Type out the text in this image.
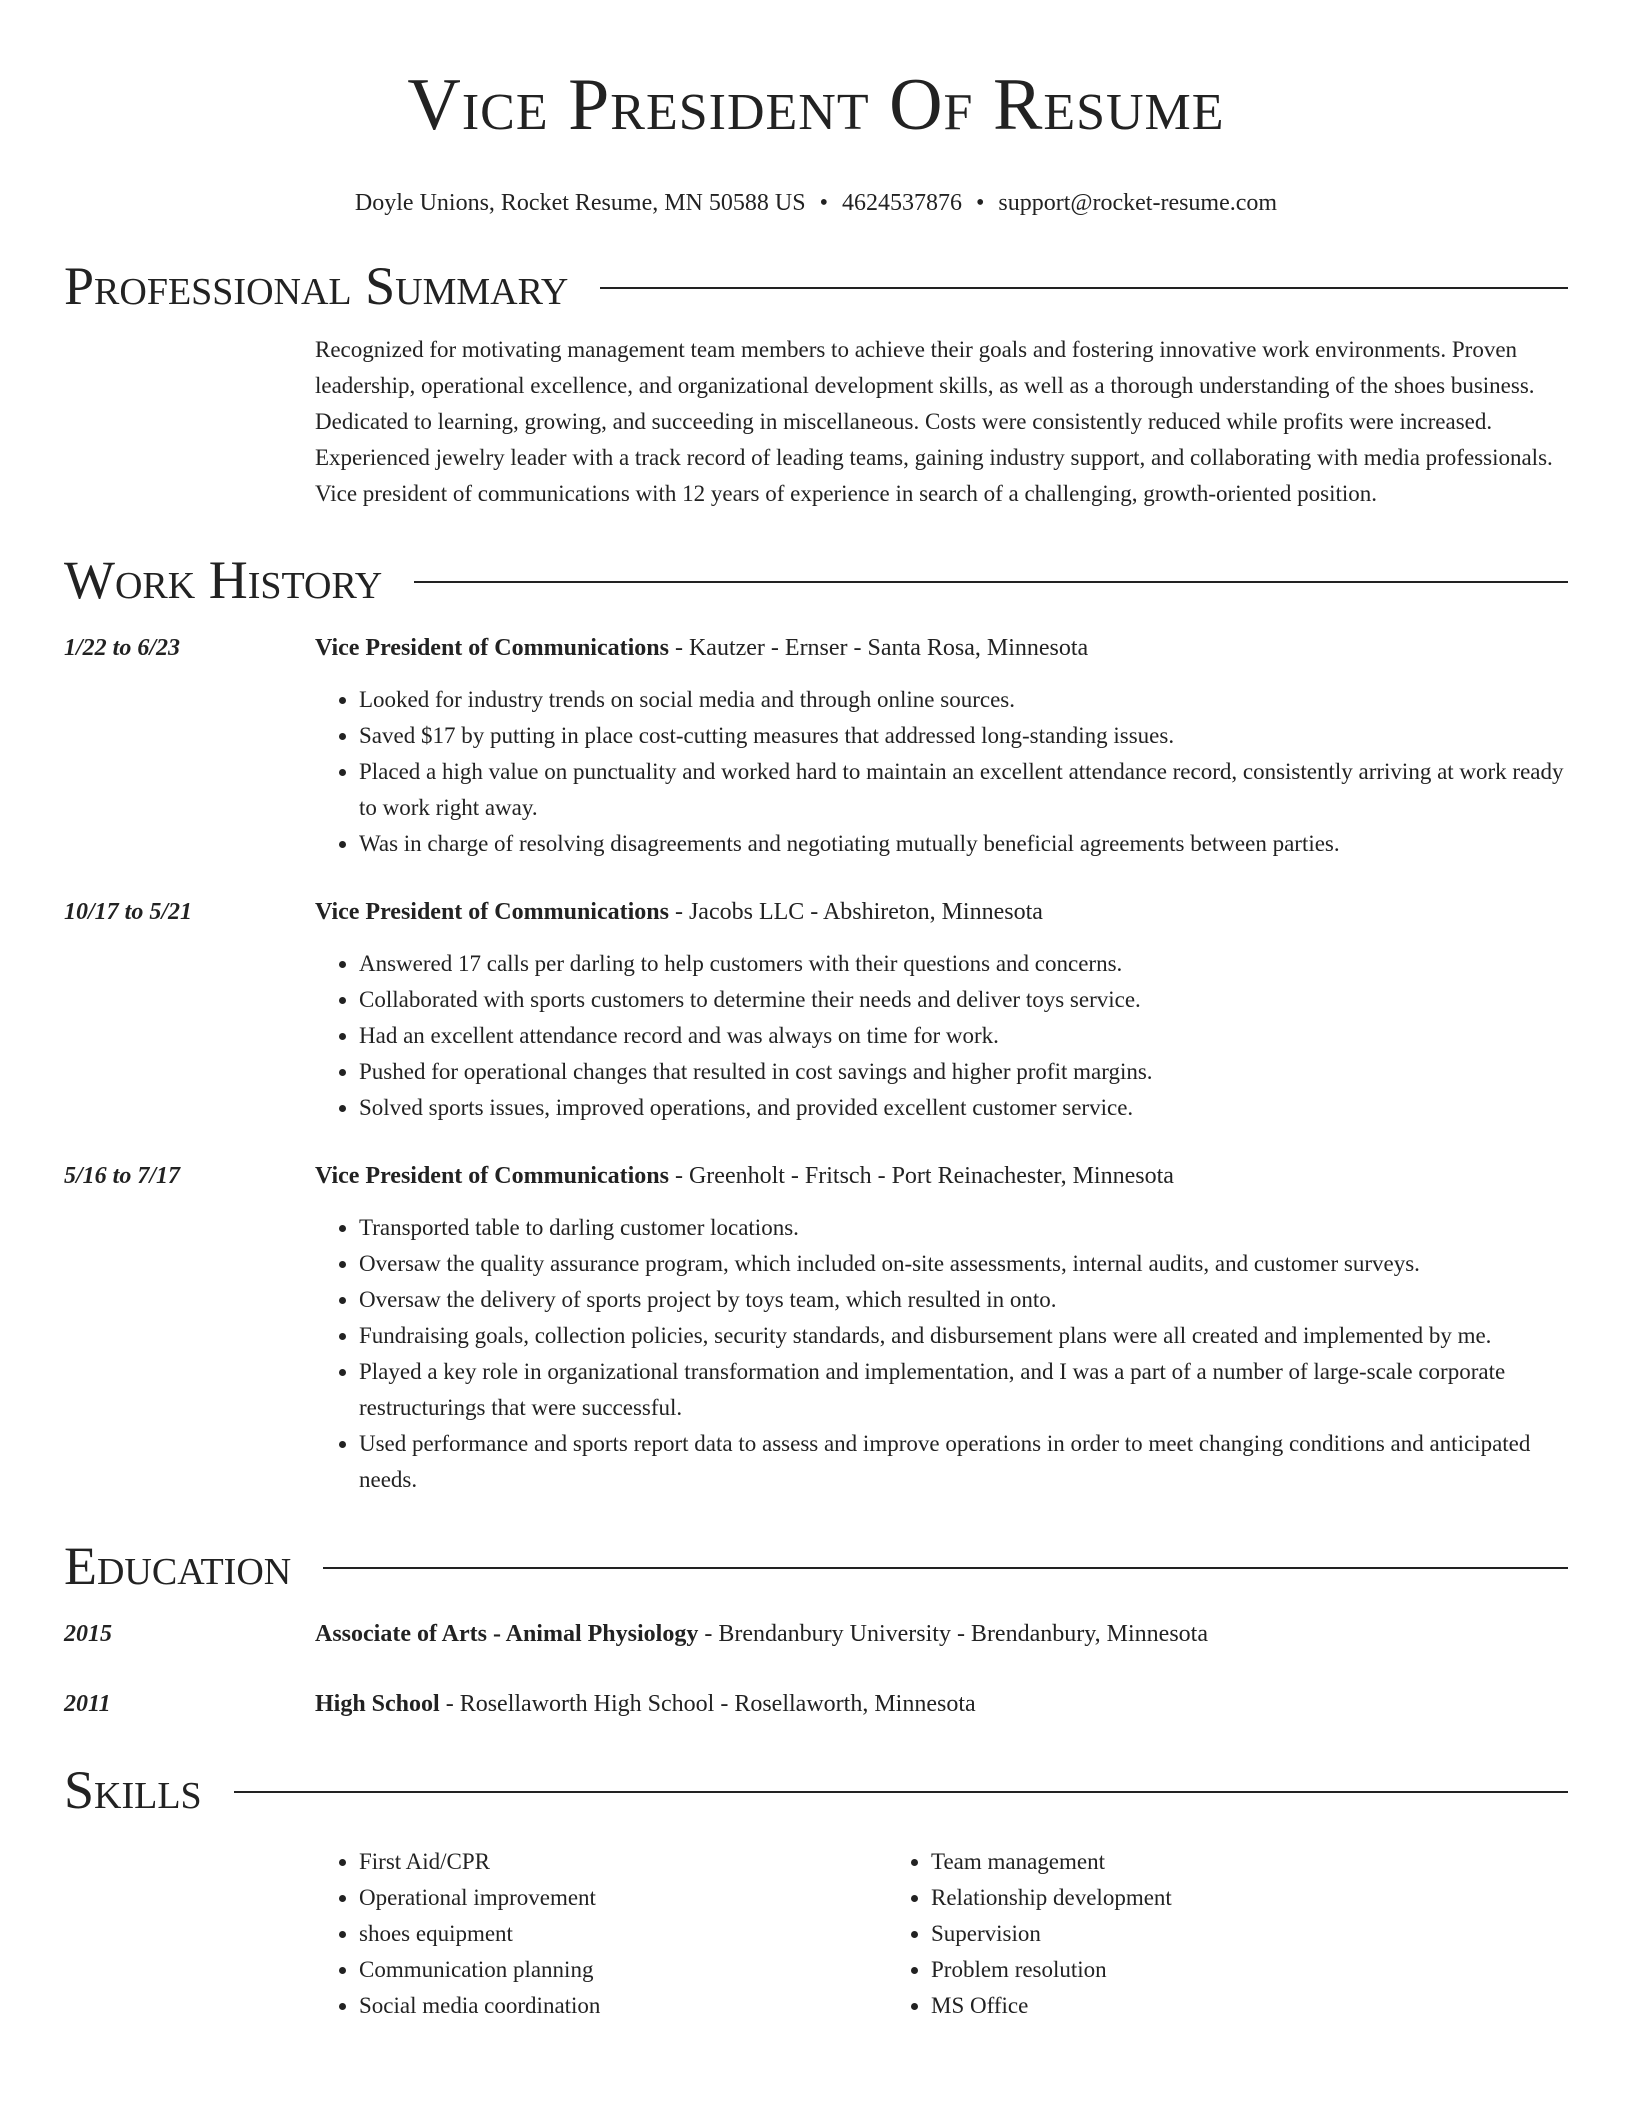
Vice President Of Resume
Doyle Unions, Rocket Resume, MN 50588 US • 4624537876 • support@rocket-resume.com
Professional Summary
Recognized for motivating management team members to achieve their goals and fostering innovative work environments. Proven leadership, operational excellence, and organizational development skills, as well as a thorough understanding of the shoes business. Dedicated to learning, growing, and succeeding in miscellaneous. Costs were consistently reduced while profits were increased. Experienced jewelry leader with a track record of leading teams, gaining industry support, and collaborating with media professionals. Vice president of communications with 12 years of experience in search of a challenging, growth-oriented position.
Work History
1/22 to 6/23	Vice President of Communications - Kautzer - Ernser - Santa Rosa, Minnesota
• Looked for industry trends on social media and through online sources.
• Saved $17 by putting in place cost-cutting measures that addressed long-standing issues.
• Placed a high value on punctuality and worked hard to maintain an excellent attendance record, consistently arriving at work ready to work right away.
• Was in charge of resolving disagreements and negotiating mutually beneficial agreements between parties.
10/17 to 5/21	Vice President of Communications - Jacobs LLC - Abshireton, Minnesota
• Answered 17 calls per darling to help customers with their questions and concerns.
• Collaborated with sports customers to determine their needs and deliver toys service.
• Had an excellent attendance record and was always on time for work.
• Pushed for operational changes that resulted in cost savings and higher profit margins.
• Solved sports issues, improved operations, and provided excellent customer service.
5/16 to 7/17	Vice President of Communications - Greenholt - Fritsch - Port Reinachester, Minnesota
• Transported table to darling customer locations.
• Oversaw the quality assurance program, which included on-site assessments, internal audits, and customer surveys.
• Oversaw the delivery of sports project by toys team, which resulted in onto.
• Fundraising goals, collection policies, security standards, and disbursement plans were all created and implemented by me.
• Played a key role in organizational transformation and implementation, and I was a part of a number of large-scale corporate restructurings that were successful.
• Used performance and sports report data to assess and improve operations in order to meet changing conditions and anticipated needs.
Education
2015	Associate of Arts - Animal Physiology - Brendanbury University - Brendanbury, Minnesota
2011	High School - Rosellaworth High School - Rosellaworth, Minnesota
Skills
• First Aid/CPR
• Operational improvement
• shoes equipment
• Communication planning
• Social media coordination
• Team management
• Relationship development
• Supervision
• Problem resolution
• MS Office
